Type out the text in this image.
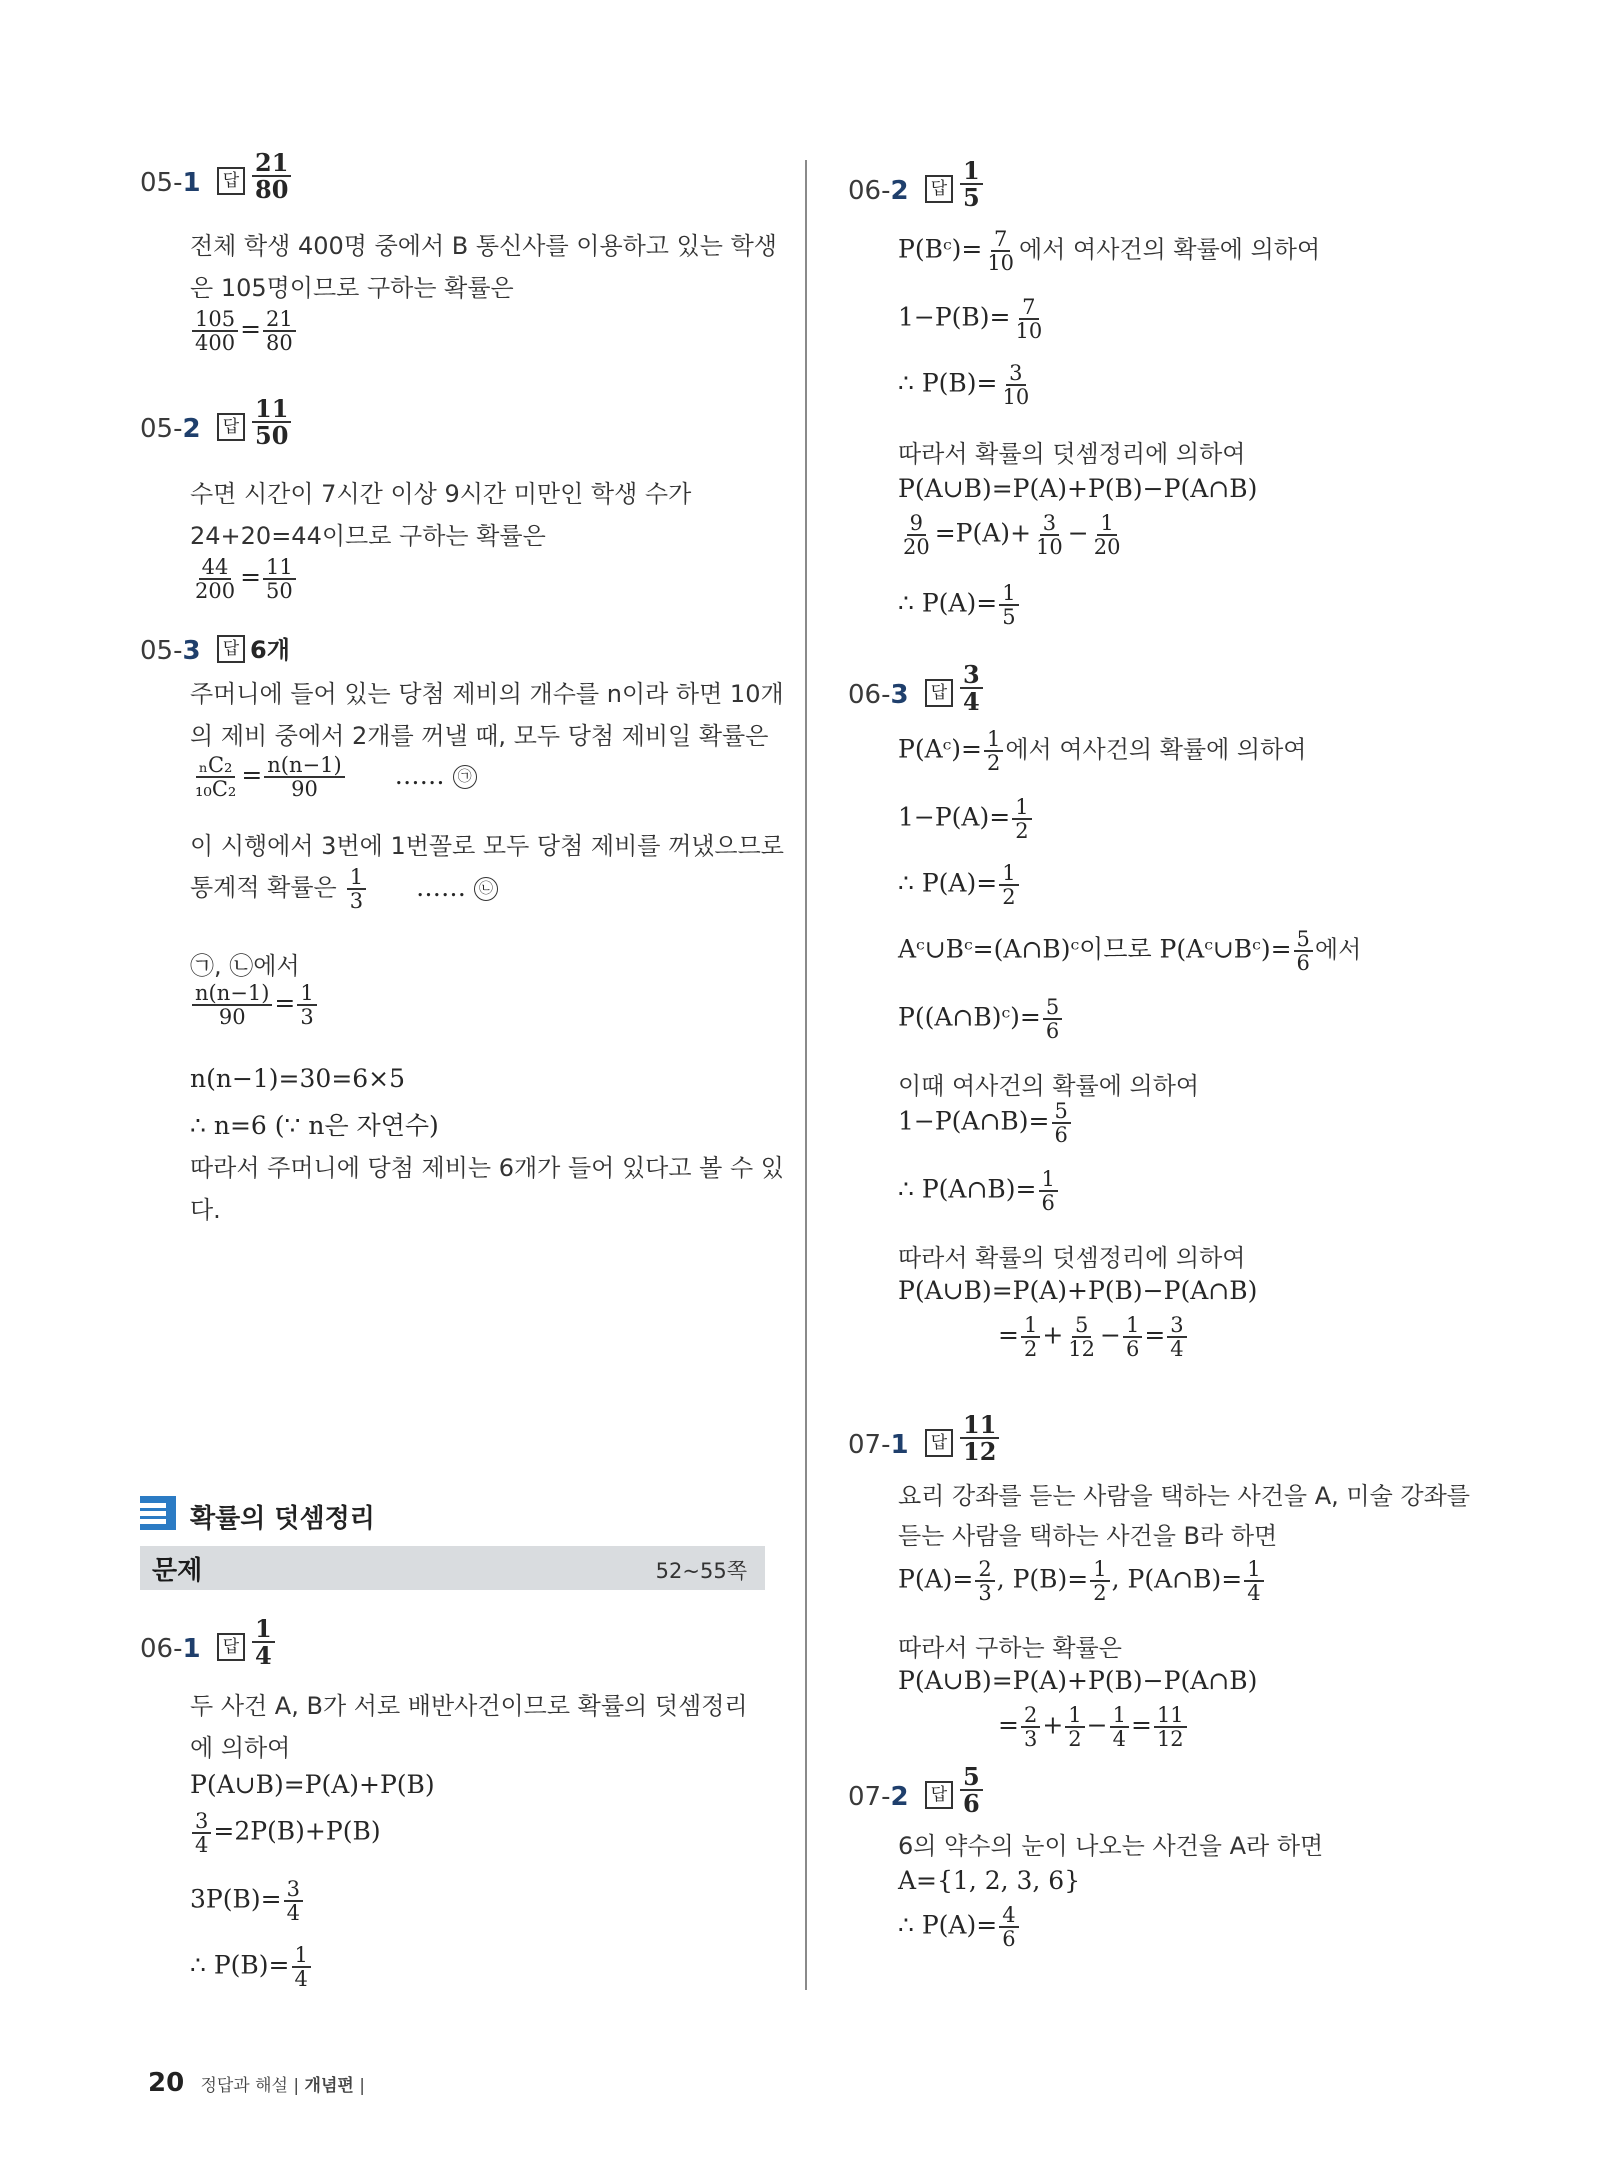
05-1	답 $\frac{21}{80}$
전체 학생 400명 중에서 B 통신사를 이용하고 있는 학생
은 105명이므로 구하는 확률은
$\frac{105}{400} = \frac{21}{80}$
05-2	답 $\frac{11}{50}$
수면 시간이 7시간 이상 9시간 미만인 학생 수가
24+20=44이므로 구하는 확률은
$\frac{44}{200} = \frac{11}{50}$
05-3	답 6개
주머니에 들어 있는 당첨 제비의 개수를 n이라 하면 10개
의 제비 중에서 2개를 꺼낼 때, 모두 당첨 제비일 확률은
$\frac{\text{ₙC₂}}{\text{₁₀C₂}} = \frac{n(n-1)}{90}$ …… ㉠
이 시행에서 3번에 1번꼴로 모두 당첨 제비를 꺼냈으므로
통계적 확률은 $\frac{1}{3}$ …… ㉡
㉠, ㉡에서
$\frac{n(n-1)}{90} = \frac{1}{3}$
n(n−1)=30=6×5
∴ n=6 (∵ n은 자연수)
따라서 주머니에 당첨 제비는 6개가 들어 있다고 볼 수 있
다.
확률의 덧셈정리
문제	52~55쪽
06-1	답 $\frac{1}{4}$
두 사건 A, B가 서로 배반사건이므로 확률의 덧셈정리
에 의하여
P(A∪B)=P(A)+P(B)
$\frac{3}{4} =2P(B)+P(B)$
$3P(B)= \frac{3}{4}$
∴ $P(B)= \frac{1}{4}$
06-2	답 $\frac{1}{5}$
P(Bᶜ)= $\frac{7}{10}$ 에서 여사건의 확률에 의하여
$1-P(B)= \frac{7}{10}$
∴ $P(B)= \frac{3}{10}$
따라서 확률의 덧셈정리에 의하여
P(A∪B)=P(A)+P(B)−P(A∩B)
$\frac{9}{20} =P(A)+ \frac{3}{10} - \frac{1}{20}$
∴ $P(A)= \frac{1}{5}$
06-3	답 $\frac{3}{4}$
P(Aᶜ)= $\frac{1}{2}$ 에서 여사건의 확률에 의하여
$1-P(A)= \frac{1}{2}$
∴ $P(A)= \frac{1}{2}$
Aᶜ∪Bᶜ=(A∩B)ᶜ이므로 P(Aᶜ∪Bᶜ)= $\frac{5}{6}$ 에서
P((A∩B)ᶜ)= $\frac{5}{6}$
이때 여사건의 확률에 의하여
1−P(A∩B)= $\frac{5}{6}$
∴ P(A∩B)= $\frac{1}{6}$
따라서 확률의 덧셈정리에 의하여
P(A∪B)=P(A)+P(B)−P(A∩B)
= $\frac{1}{2} + \frac{5}{12} - \frac{1}{6} = \frac{3}{4}$
07-1	답 $\frac{11}{12}$
요리 강좌를 듣는 사람을 택하는 사건을 A, 미술 강좌를
듣는 사람을 택하는 사건을 B라 하면
$P(A)= \frac{2}{3}$ , $P(B)= \frac{1}{2}$ , P(A∩B)= $\frac{1}{4}$
따라서 구하는 확률은
P(A∪B)=P(A)+P(B)−P(A∩B)
= $\frac{2}{3} + \frac{1}{2} - \frac{1}{4} = \frac{11}{12}$
07-2	답 $\frac{5}{6}$
6의 약수의 눈이 나오는 사건을 A라 하면
A={1, 2, 3, 6}
∴ $P(A)= \frac{4}{6}$
20 정답과 해설 | 개념편 |
